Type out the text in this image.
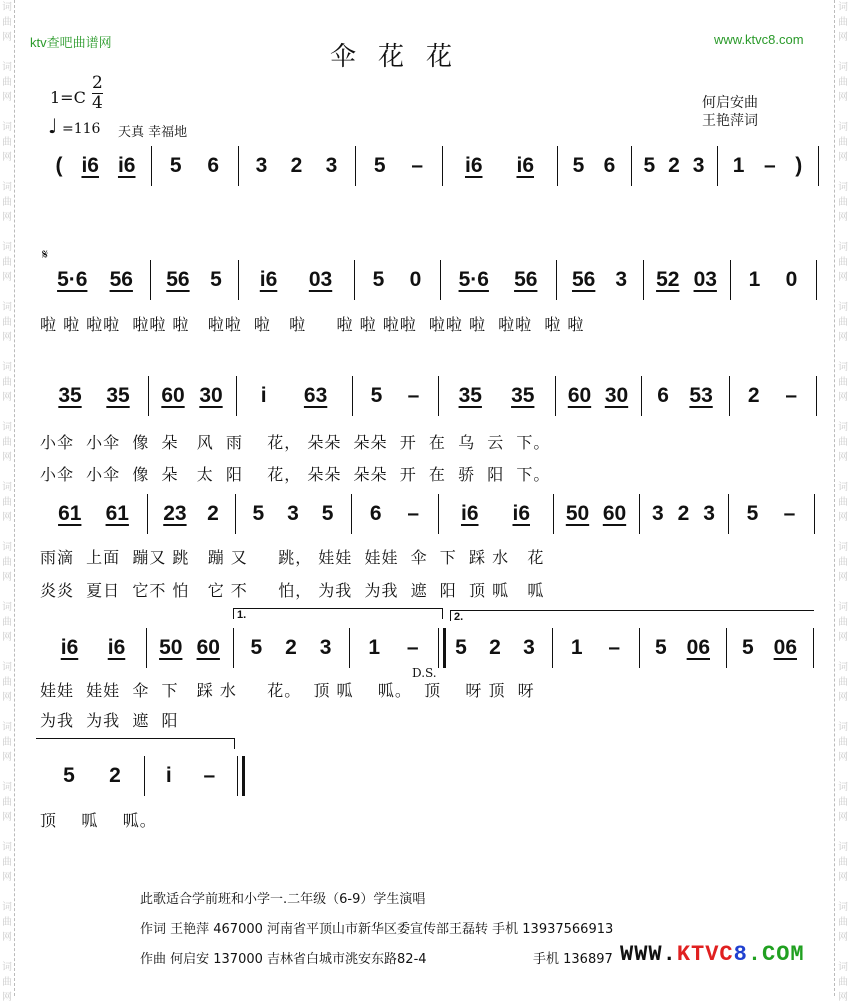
词
曲
网
词
曲
网
词
曲
网
词
曲
网
词
曲
网
词
曲
网
词
曲
网
词
曲
网
词
曲
网
词
曲
网
词
曲
网
词
曲
网
词
曲
网
词
曲
网
词
曲
网
词
曲
网
词
曲
网
词
曲
网
词
曲
网
词
曲
网
词
曲
网
词
曲
网
词
曲
网
词
曲
网
词
曲
网
词
曲
网
词
曲
网
词
曲
网
词
曲
网
词
曲
网
词
曲
网
词
曲
网
词
曲
网
词
曲
网
ktv查吧曲谱网	www.ktvc8.com
伞花花
1=C
2
4
♩ =116 天真 幸福地
何启安曲
王艳萍词
( i6 i6 5 6 3 2 3 5 – i6 i6 5 6 5 2 3 1 – )
5·6 56 56 5 i6 03 5 0 5·6 56 56 3 52 03 1 0
𝄋
啦 啦 啦啦  啦啦 啦   啦啦  啦   啦     啦 啦 啦啦  啦啦 啦  啦啦  啦 啦
35 35 60 30 i 63 5 – 35 35 60 30 6 53 2 –
小伞  小伞  像  朵   风  雨    花， 朵朵  朵朵  开  在  乌  云  下。
小伞  小伞  像  朵   太  阳    花， 朵朵  朵朵  开  在  骄  阳  下。
61 61 23 2 5 3 5 6 – i6 i6 50 60 3 2 3 5 –
雨滴  上面  蹦又 跳   蹦 又     跳， 娃娃  娃娃  伞  下  踩 水   花
炎炎  夏日  它不 怕   它 不     怕， 为我  为我  遮  阳  顶 呱   呱
i6 i6 50 60 5 2 3 1 – 5 2 3 1 – 5 06 5 06
1.	2.
D.S.
娃娃  娃娃  伞  下   踩 水     花。  顶 呱    呱。  顶    呀 顶  呀
为我  为我  遮  阳
5 2 i –
顶    呱    呱。
此歌适合学前班和小学一.二年级（6-9）学生演唱
作词 王艳萍 467000 河南省平顶山市新华区委宣传部王磊转 手机 13937566913
作曲 何启安 137000 吉林省白城市洮安东路82-4	手机 136897 WWW.KTVC8.COM
